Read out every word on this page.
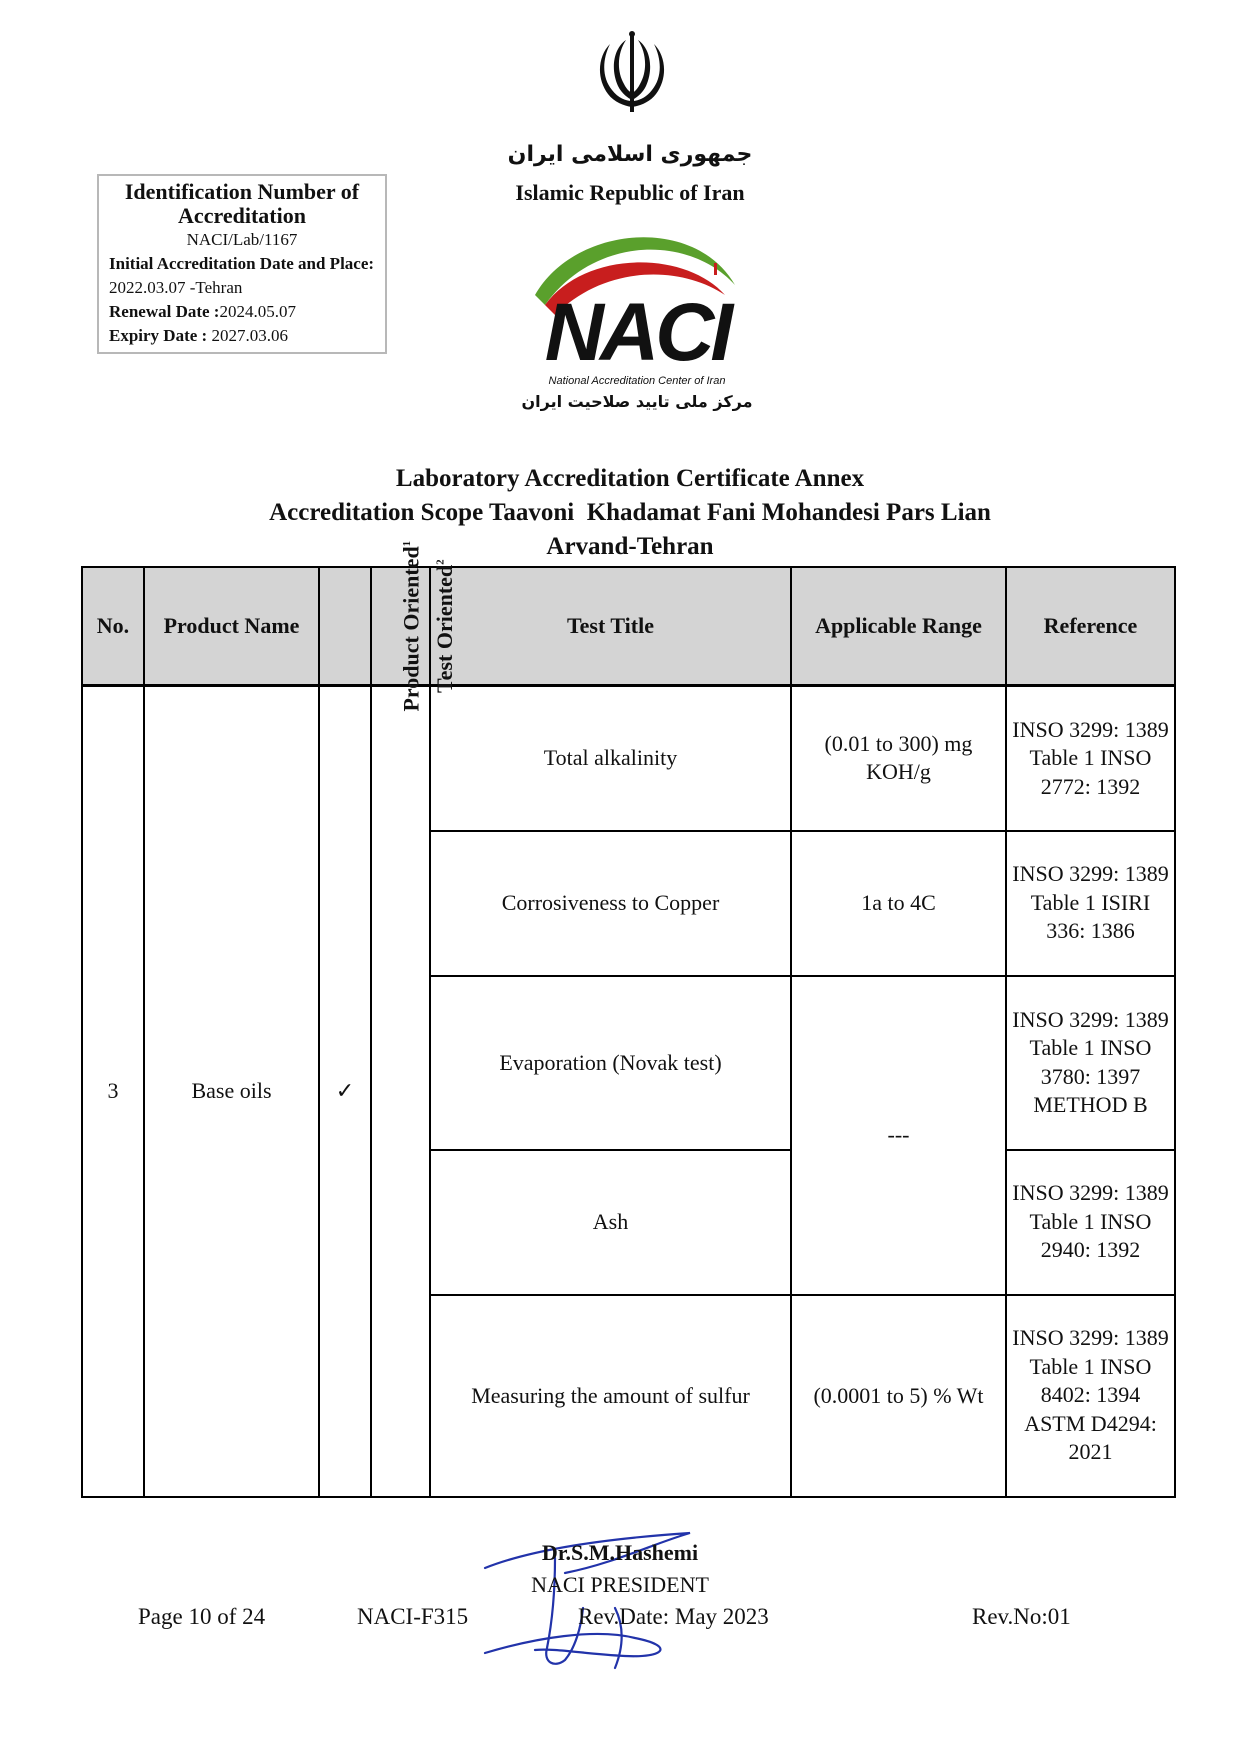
جمهوری اسلامی ایران
Islamic Republic of Iran
NACI
National Accreditation Center of Iran
مرکز ملی تایید صلاحیت ایران
Identification Number of Accreditation
NACI/Lab/1167
Initial Accreditation Date and Place: 2022.03.07 -Tehran
Renewal Date :2024.05.07
Expiry Date : 2027.03.06
Laboratory Accreditation Certificate Annex
Accreditation Scope Taavoni  Khadamat Fani Mohandesi Pars Lian
Arvand-Tehran
No.	Product Name	Product Oriented$^1$	Test Oriented$^2$	Test Title	Applicable Range	Reference
3	Base oils	✓		Total alkalinity	(0.01 to 300) mg KOH/g	INSO 3299: 1389 Table 1 INSO 2772: 1392
				Corrosiveness to Copper	1a to 4C	INSO 3299: 1389 Table 1 ISIRI 336: 1386
				Evaporation (Novak test)	---	INSO 3299: 1389 Table 1 INSO 3780: 1397 METHOD B
				Ash		INSO 3299: 1389 Table 1 INSO 2940: 1392
				Measuring the amount of sulfur	(0.0001 to 5) % Wt	INSO 3299: 1389 Table 1 INSO 8402: 1394 ASTM D4294: 2021
Dr.S.M.Hashemi
NACI PRESIDENT
Page 10 of 24	NACI-F315	Rev.Date: May 2023	Rev.No:01
